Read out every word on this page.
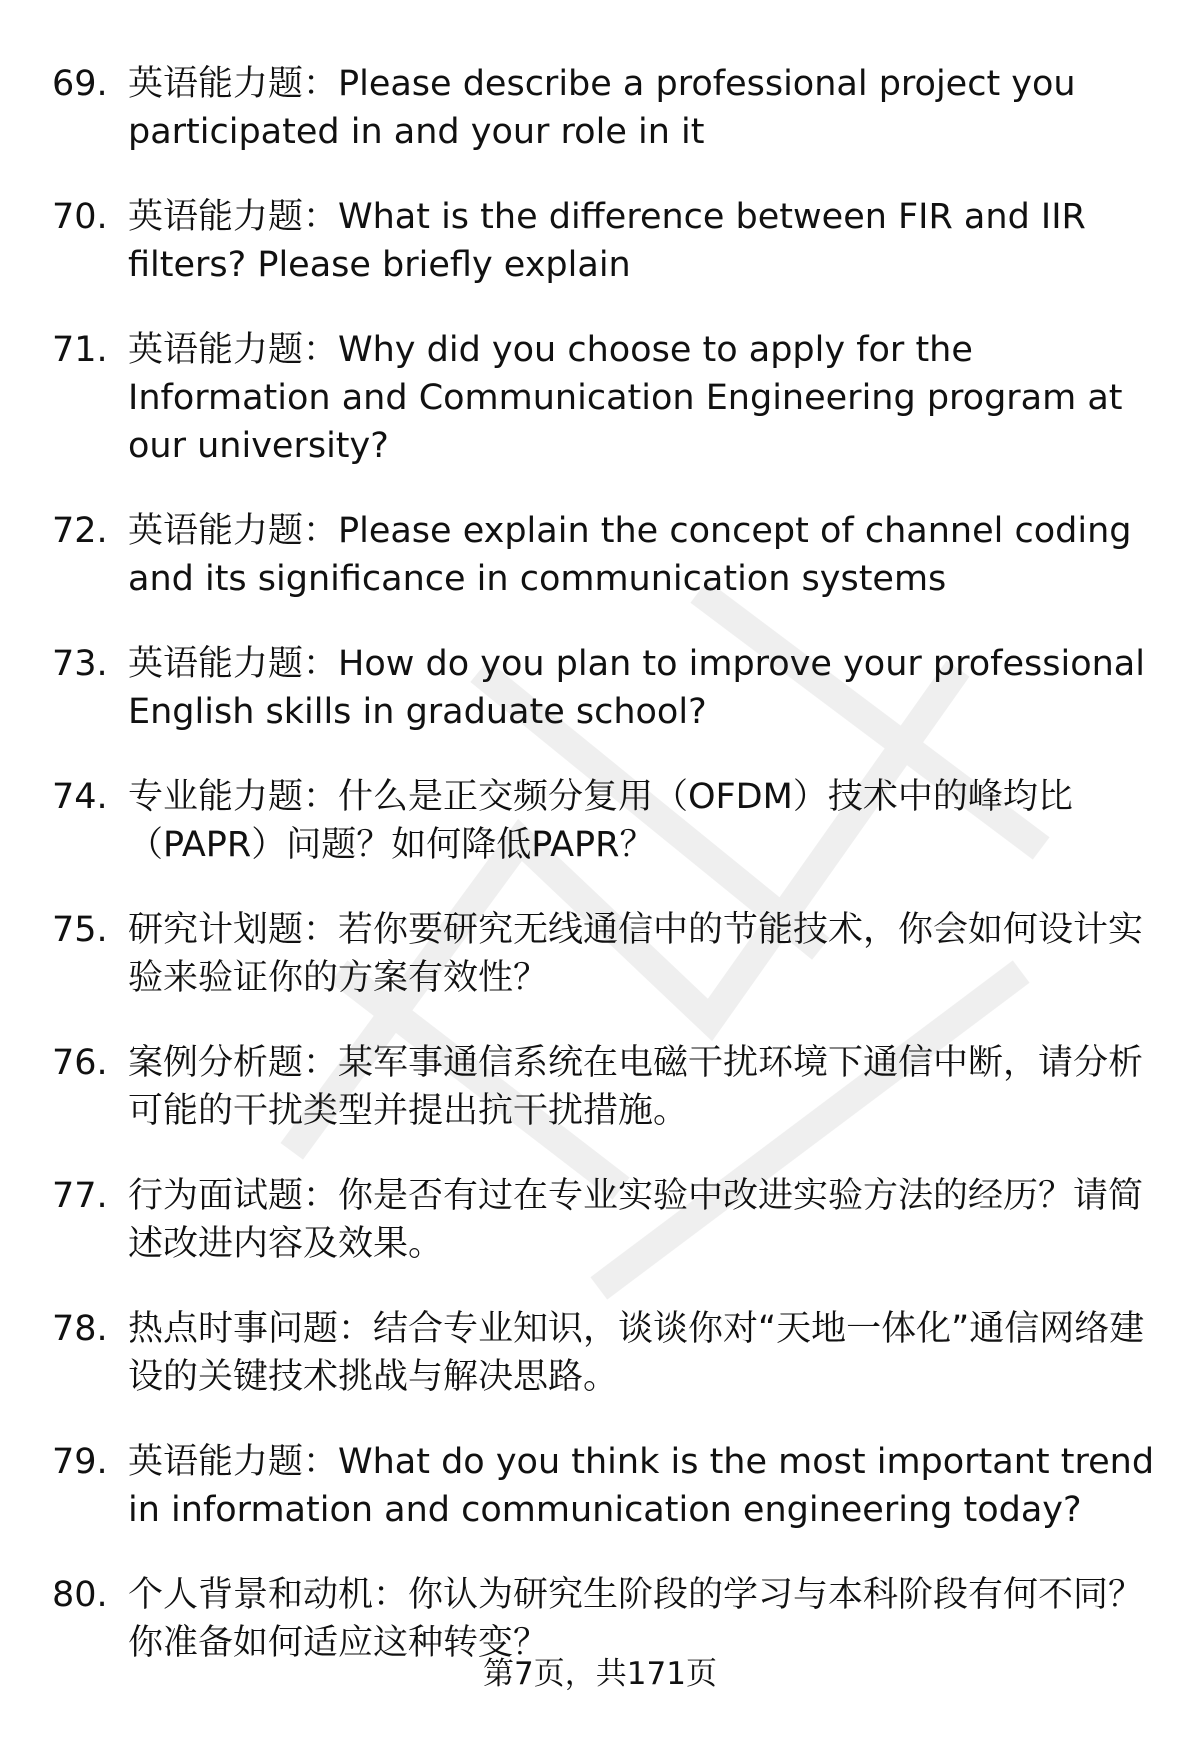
69. 英语能力题：Please describe a professional project you participated in and your role in it
70. 英语能力题：What is the difference between FIR and IIR filters? Please briefly explain
71. 英语能力题：Why did you choose to apply for the Information and Communication Engineering program at our university?
72. 英语能力题：Please explain the concept of channel coding and its significance in communication systems
73. 英语能力题：How do you plan to improve your professional English skills in graduate school?
74. 专业能力题：什么是正交频分复用（OFDM）技术中的峰均比（PAPR）问题？如何降低PAPR？
75. 研究计划题：若你要研究无线通信中的节能技术，你会如何设计实验来验证你的方案有效性？
76. 案例分析题：某军事通信系统在电磁干扰环境下通信中断，请分析可能的干扰类型并提出抗干扰措施。
77. 行为面试题：你是否有过在专业实验中改进实验方法的经历？请简述改进内容及效果。
78. 热点时事问题：结合专业知识，谈谈你对“天地一体化”通信网络建设的关键技术挑战与解决思路。
79. 英语能力题：What do you think is the most important trend in information and communication engineering today?
80. 个人背景和动机：你认为研究生阶段的学习与本科阶段有何不同？你准备如何适应这种转变？
第7页，共171页
